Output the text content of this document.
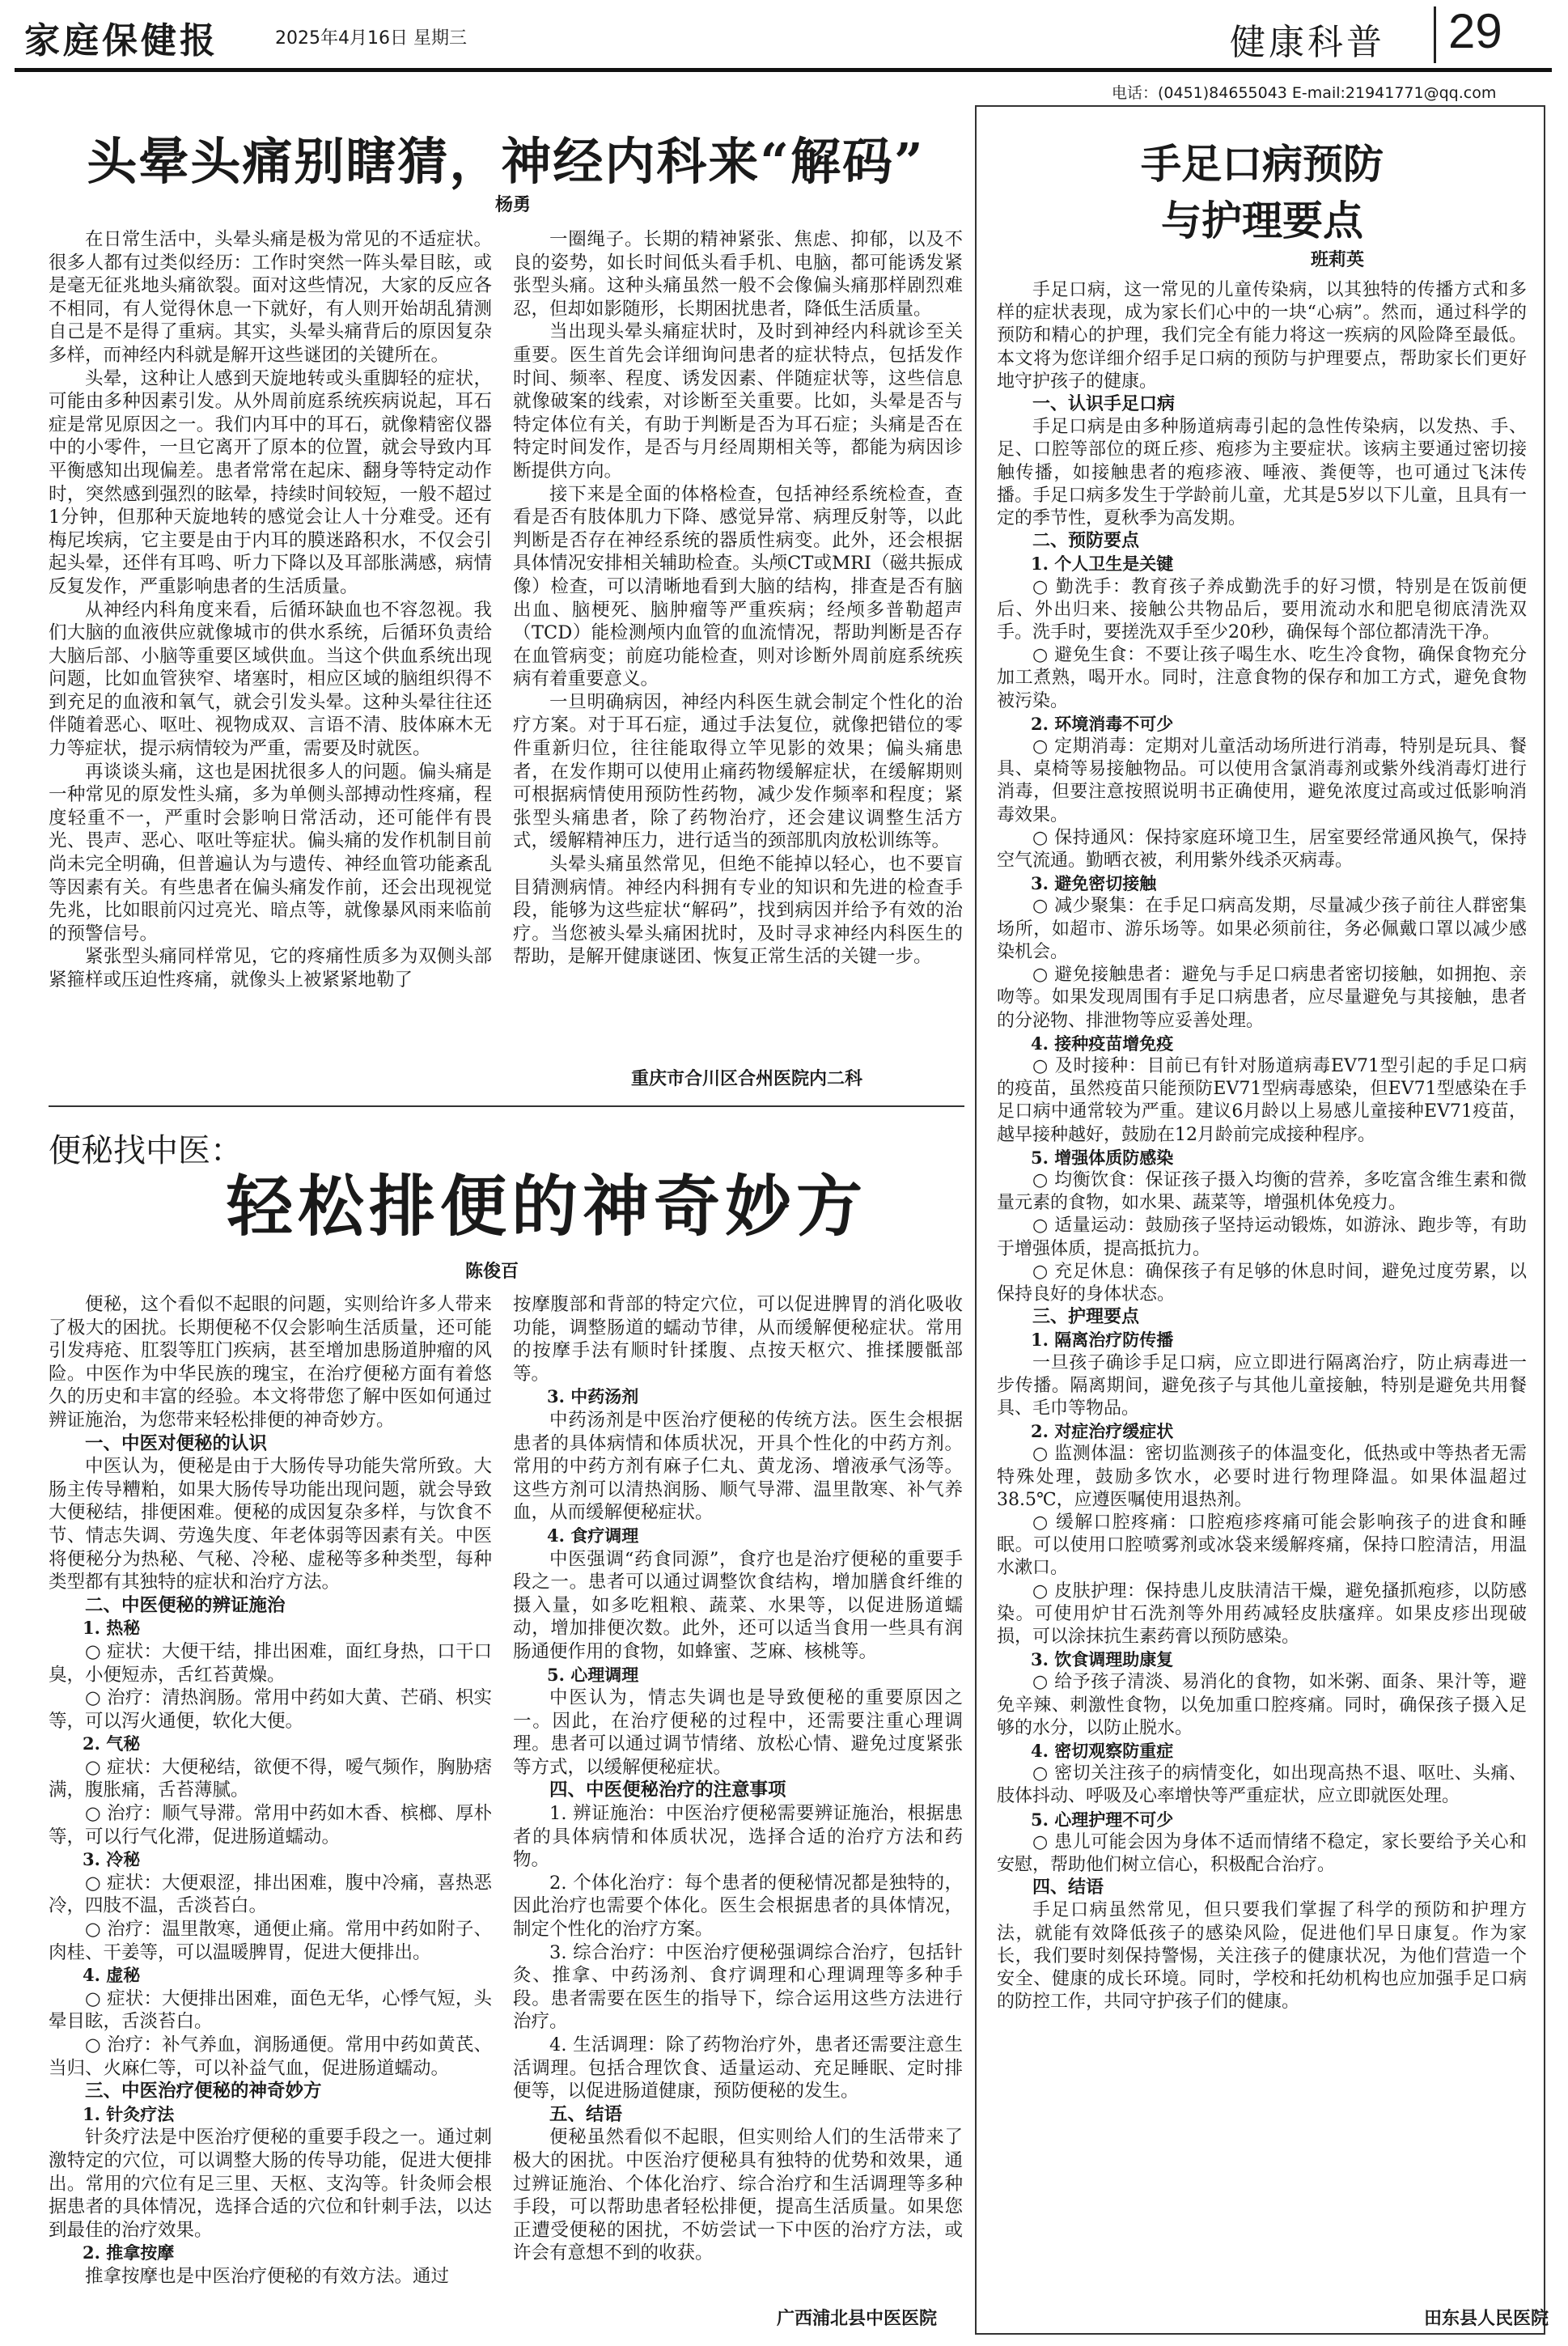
家庭保健报	2025年4月16日 星期三	健康科普 29
电话：(0451)84655043 E-mail:21941771@qq.com
头晕头痛别瞎猜，神经内科来“解码”
杨勇

在日常生活中，头晕头痛是极为常见的不适症状。很多人都有过类似经历：工作时突然一阵头晕目眩，或是毫无征兆地头痛欲裂。面对这些情况，大家的反应各不相同，有人觉得休息一下就好，有人则开始胡乱猜测自己是不是得了重病。其实，头晕头痛背后的原因复杂多样，而神经内科就是解开这些谜团的关键所在。

头晕，这种让人感到天旋地转或头重脚轻的症状，可能由多种因素引发。从外周前庭系统疾病说起，耳石症是常见原因之一。我们内耳中的耳石，就像精密仪器中的小零件，一旦它离开了原本的位置，就会导致内耳平衡感知出现偏差。患者常常在起床、翻身等特定动作时，突然感到强烈的眩晕，持续时间较短，一般不超过1分钟，但那种天旋地转的感觉会让人十分难受。还有梅尼埃病，它主要是由于内耳的膜迷路积水，不仅会引起头晕，还伴有耳鸣、听力下降以及耳部胀满感，病情反复发作，严重影响患者的生活质量。

从神经内科角度来看，后循环缺血也不容忽视。我们大脑的血液供应就像城市的供水系统，后循环负责给大脑后部、小脑等重要区域供血。当这个供血系统出现问题，比如血管狭窄、堵塞时，相应区域的脑组织得不到充足的血液和氧气，就会引发头晕。这种头晕往往还伴随着恶心、呕吐、视物成双、言语不清、肢体麻木无力等症状，提示病情较为严重，需要及时就医。

再谈谈头痛，这也是困扰很多人的问题。偏头痛是一种常见的原发性头痛，多为单侧头部搏动性疼痛，程度轻重不一，严重时会影响日常活动，还可能伴有畏光、畏声、恶心、呕吐等症状。偏头痛的发作机制目前尚未完全明确，但普遍认为与遗传、神经血管功能紊乱等因素有关。有些患者在偏头痛发作前，还会出现视觉先兆，比如眼前闪过亮光、暗点等，就像暴风雨来临前的预警信号。

紧张型头痛同样常见，它的疼痛性质多为双侧头部紧箍样或压迫性疼痛，就像头上被紧紧地勒了

一圈绳子。长期的精神紧张、焦虑、抑郁，以及不良的姿势，如长时间低头看手机、电脑，都可能诱发紧张型头痛。这种头痛虽然一般不会像偏头痛那样剧烈难忍，但却如影随形，长期困扰患者，降低生活质量。

当出现头晕头痛症状时，及时到神经内科就诊至关重要。医生首先会详细询问患者的症状特点，包括发作时间、频率、程度、诱发因素、伴随症状等，这些信息就像破案的线索，对诊断至关重要。比如，头晕是否与特定体位有关，有助于判断是否为耳石症；头痛是否在特定时间发作，是否与月经周期相关等，都能为病因诊断提供方向。

接下来是全面的体格检查，包括神经系统检查，查看是否有肢体肌力下降、感觉异常、病理反射等，以此判断是否存在神经系统的器质性病变。此外，还会根据具体情况安排相关辅助检查。头颅CT或MRI（磁共振成像）检查，可以清晰地看到大脑的结构，排查是否有脑出血、脑梗死、脑肿瘤等严重疾病；经颅多普勒超声（TCD）能检测颅内血管的血流情况，帮助判断是否存在血管病变；前庭功能检查，则对诊断外周前庭系统疾病有着重要意义。

一旦明确病因，神经内科医生就会制定个性化的治疗方案。对于耳石症，通过手法复位，就像把错位的零件重新归位，往往能取得立竿见影的效果；偏头痛患者，在发作期可以使用止痛药物缓解症状，在缓解期则可根据病情使用预防性药物，减少发作频率和程度；紧张型头痛患者，除了药物治疗，还会建议调整生活方式，缓解精神压力，进行适当的颈部肌肉放松训练等。

头晕头痛虽然常见，但绝不能掉以轻心，也不要盲目猜测病情。神经内科拥有专业的知识和先进的检查手段，能够为这些症状“解码”，找到病因并给予有效的治疗。当您被头晕头痛困扰时，及时寻求神经内科医生的帮助，是解开健康谜团、恢复正常生活的关键一步。

重庆市合川区合州医院内二科
便秘找中医：
轻松排便的神奇妙方
陈俊百

便秘，这个看似不起眼的问题，实则给许多人带来了极大的困扰。长期便秘不仅会影响生活质量，还可能引发痔疮、肛裂等肛门疾病，甚至增加患肠道肿瘤的风险。中医作为中华民族的瑰宝，在治疗便秘方面有着悠久的历史和丰富的经验。本文将带您了解中医如何通过辨证施治，为您带来轻松排便的神奇妙方。

一、中医对便秘的认识

中医认为，便秘是由于大肠传导功能失常所致。大肠主传导糟粕，如果大肠传导功能出现问题，就会导致大便秘结，排便困难。便秘的成因复杂多样，与饮食不节、情志失调、劳逸失度、年老体弱等因素有关。中医将便秘分为热秘、气秘、冷秘、虚秘等多种类型，每种类型都有其独特的症状和治疗方法。

二、中医便秘的辨证施治

1. 热秘

○ 症状：大便干结，排出困难，面红身热，口干口臭，小便短赤，舌红苔黄燥。

○ 治疗：清热润肠。常用中药如大黄、芒硝、枳实等，可以泻火通便，软化大便。

2. 气秘

○ 症状：大便秘结，欲便不得，嗳气频作，胸胁痞满，腹胀痛，舌苔薄腻。

○ 治疗：顺气导滞。常用中药如木香、槟榔、厚朴等，可以行气化滞，促进肠道蠕动。

3. 冷秘

○ 症状：大便艰涩，排出困难，腹中冷痛，喜热恶冷，四肢不温，舌淡苔白。

○ 治疗：温里散寒，通便止痛。常用中药如附子、肉桂、干姜等，可以温暖脾胃，促进大便排出。

4. 虚秘

○ 症状：大便排出困难，面色无华，心悸气短，头晕目眩，舌淡苔白。

○ 治疗：补气养血，润肠通便。常用中药如黄芪、当归、火麻仁等，可以补益气血，促进肠道蠕动。

三、中医治疗便秘的神奇妙方

1. 针灸疗法

针灸疗法是中医治疗便秘的重要手段之一。通过刺激特定的穴位，可以调整大肠的传导功能，促进大便排出。常用的穴位有足三里、天枢、支沟等。针灸师会根据患者的具体情况，选择合适的穴位和针刺手法，以达到最佳的治疗效果。

2. 推拿按摩

推拿按摩也是中医治疗便秘的有效方法。通过

按摩腹部和背部的特定穴位，可以促进脾胃的消化吸收功能，调整肠道的蠕动节律，从而缓解便秘症状。常用的按摩手法有顺时针揉腹、点按天枢穴、推揉腰骶部等。

3. 中药汤剂

中药汤剂是中医治疗便秘的传统方法。医生会根据患者的具体病情和体质状况，开具个性化的中药方剂。常用的中药方剂有麻子仁丸、黄龙汤、增液承气汤等。这些方剂可以清热润肠、顺气导滞、温里散寒、补气养血，从而缓解便秘症状。

4. 食疗调理

中医强调“药食同源”，食疗也是治疗便秘的重要手段之一。患者可以通过调整饮食结构，增加膳食纤维的摄入量，如多吃粗粮、蔬菜、水果等，以促进肠道蠕动，增加排便次数。此外，还可以适当食用一些具有润肠通便作用的食物，如蜂蜜、芝麻、核桃等。

5. 心理调理

中医认为，情志失调也是导致便秘的重要原因之一。因此，在治疗便秘的过程中，还需要注重心理调理。患者可以通过调节情绪、放松心情、避免过度紧张等方式，以缓解便秘症状。

四、中医便秘治疗的注意事项

1. 辨证施治：中医治疗便秘需要辨证施治，根据患者的具体病情和体质状况，选择合适的治疗方法和药物。

2. 个体化治疗：每个患者的便秘情况都是独特的，因此治疗也需要个体化。医生会根据患者的具体情况，制定个性化的治疗方案。

3. 综合治疗：中医治疗便秘强调综合治疗，包括针灸、推拿、中药汤剂、食疗调理和心理调理等多种手段。患者需要在医生的指导下，综合运用这些方法进行治疗。

4. 生活调理：除了药物治疗外，患者还需要注意生活调理。包括合理饮食、适量运动、充足睡眠、定时排便等，以促进肠道健康，预防便秘的发生。

五、结语

便秘虽然看似不起眼，但实则给人们的生活带来了极大的困扰。中医治疗便秘具有独特的优势和效果，通过辨证施治、个体化治疗、综合治疗和生活调理等多种手段，可以帮助患者轻松排便，提高生活质量。如果您正遭受便秘的困扰，不妨尝试一下中医的治疗方法，或许会有意想不到的收获。

广西浦北县中医医院
手足口病预防
与护理要点
班莉英

手足口病，这一常见的儿童传染病，以其独特的传播方式和多样的症状表现，成为家长们心中的一块“心病”。然而，通过科学的预防和精心的护理，我们完全有能力将这一疾病的风险降至最低。本文将为您详细介绍手足口病的预防与护理要点，帮助家长们更好地守护孩子的健康。

一、认识手足口病

手足口病是由多种肠道病毒引起的急性传染病，以发热、手、足、口腔等部位的斑丘疹、疱疹为主要症状。该病主要通过密切接触传播，如接触患者的疱疹液、唾液、粪便等，也可通过飞沫传播。手足口病多发生于学龄前儿童，尤其是5岁以下儿童，且具有一定的季节性，夏秋季为高发期。

二、预防要点

1. 个人卫生是关键

○ 勤洗手：教育孩子养成勤洗手的好习惯，特别是在饭前便后、外出归来、接触公共物品后，要用流动水和肥皂彻底清洗双手。洗手时，要搓洗双手至少20秒，确保每个部位都清洗干净。

○ 避免生食：不要让孩子喝生水、吃生冷食物，确保食物充分加工煮熟，喝开水。同时，注意食物的保存和加工方式，避免食物被污染。

2. 环境消毒不可少

○ 定期消毒：定期对儿童活动场所进行消毒，特别是玩具、餐具、桌椅等易接触物品。可以使用含氯消毒剂或紫外线消毒灯进行消毒，但要注意按照说明书正确使用，避免浓度过高或过低影响消毒效果。

○ 保持通风：保持家庭环境卫生，居室要经常通风换气，保持空气流通。勤晒衣被，利用紫外线杀灭病毒。

3. 避免密切接触

○ 减少聚集：在手足口病高发期，尽量减少孩子前往人群密集场所，如超市、游乐场等。如果必须前往，务必佩戴口罩以减少感染机会。

○ 避免接触患者：避免与手足口病患者密切接触，如拥抱、亲吻等。如果发现周围有手足口病患者，应尽量避免与其接触，患者的分泌物、排泄物等应妥善处理。

4. 接种疫苗增免疫

○ 及时接种：目前已有针对肠道病毒EV71型引起的手足口病的疫苗，虽然疫苗只能预防EV71型病毒感染，但EV71型感染在手足口病中通常较为严重。建议6月龄以上易感儿童接种EV71疫苗，越早接种越好，鼓励在12月龄前完成接种程序。

5. 增强体质防感染

○ 均衡饮食：保证孩子摄入均衡的营养，多吃富含维生素和微量元素的食物，如水果、蔬菜等，增强机体免疫力。

○ 适量运动：鼓励孩子坚持运动锻炼，如游泳、跑步等，有助于增强体质，提高抵抗力。

○ 充足休息：确保孩子有足够的休息时间，避免过度劳累，以保持良好的身体状态。

三、护理要点

1. 隔离治疗防传播

一旦孩子确诊手足口病，应立即进行隔离治疗，防止病毒进一步传播。隔离期间，避免孩子与其他儿童接触，特别是避免共用餐具、毛巾等物品。

2. 对症治疗缓症状

○ 监测体温：密切监测孩子的体温变化，低热或中等热者无需特殊处理，鼓励多饮水，必要时进行物理降温。如果体温超过38.5℃，应遵医嘱使用退热剂。

○ 缓解口腔疼痛：口腔疱疹疼痛可能会影响孩子的进食和睡眠。可以使用口腔喷雾剂或冰袋来缓解疼痛，保持口腔清洁，用温水漱口。

○ 皮肤护理：保持患儿皮肤清洁干燥，避免搔抓疱疹，以防感染。可使用炉甘石洗剂等外用药减轻皮肤瘙痒。如果皮疹出现破损，可以涂抹抗生素药膏以预防感染。

3. 饮食调理助康复

○ 给予孩子清淡、易消化的食物，如米粥、面条、果汁等，避免辛辣、刺激性食物，以免加重口腔疼痛。同时，确保孩子摄入足够的水分，以防止脱水。

4. 密切观察防重症

○ 密切关注孩子的病情变化，如出现高热不退、呕吐、头痛、肢体抖动、呼吸及心率增快等严重症状，应立即就医处理。

5. 心理护理不可少

○ 患儿可能会因为身体不适而情绪不稳定，家长要给予关心和安慰，帮助他们树立信心，积极配合治疗。

四、结语

手足口病虽然常见，但只要我们掌握了科学的预防和护理方法，就能有效降低孩子的感染风险，促进他们早日康复。作为家长，我们要时刻保持警惕，关注孩子的健康状况，为他们营造一个安全、健康的成长环境。同时，学校和托幼机构也应加强手足口病的防控工作，共同守护孩子们的健康。

田东县人民医院
